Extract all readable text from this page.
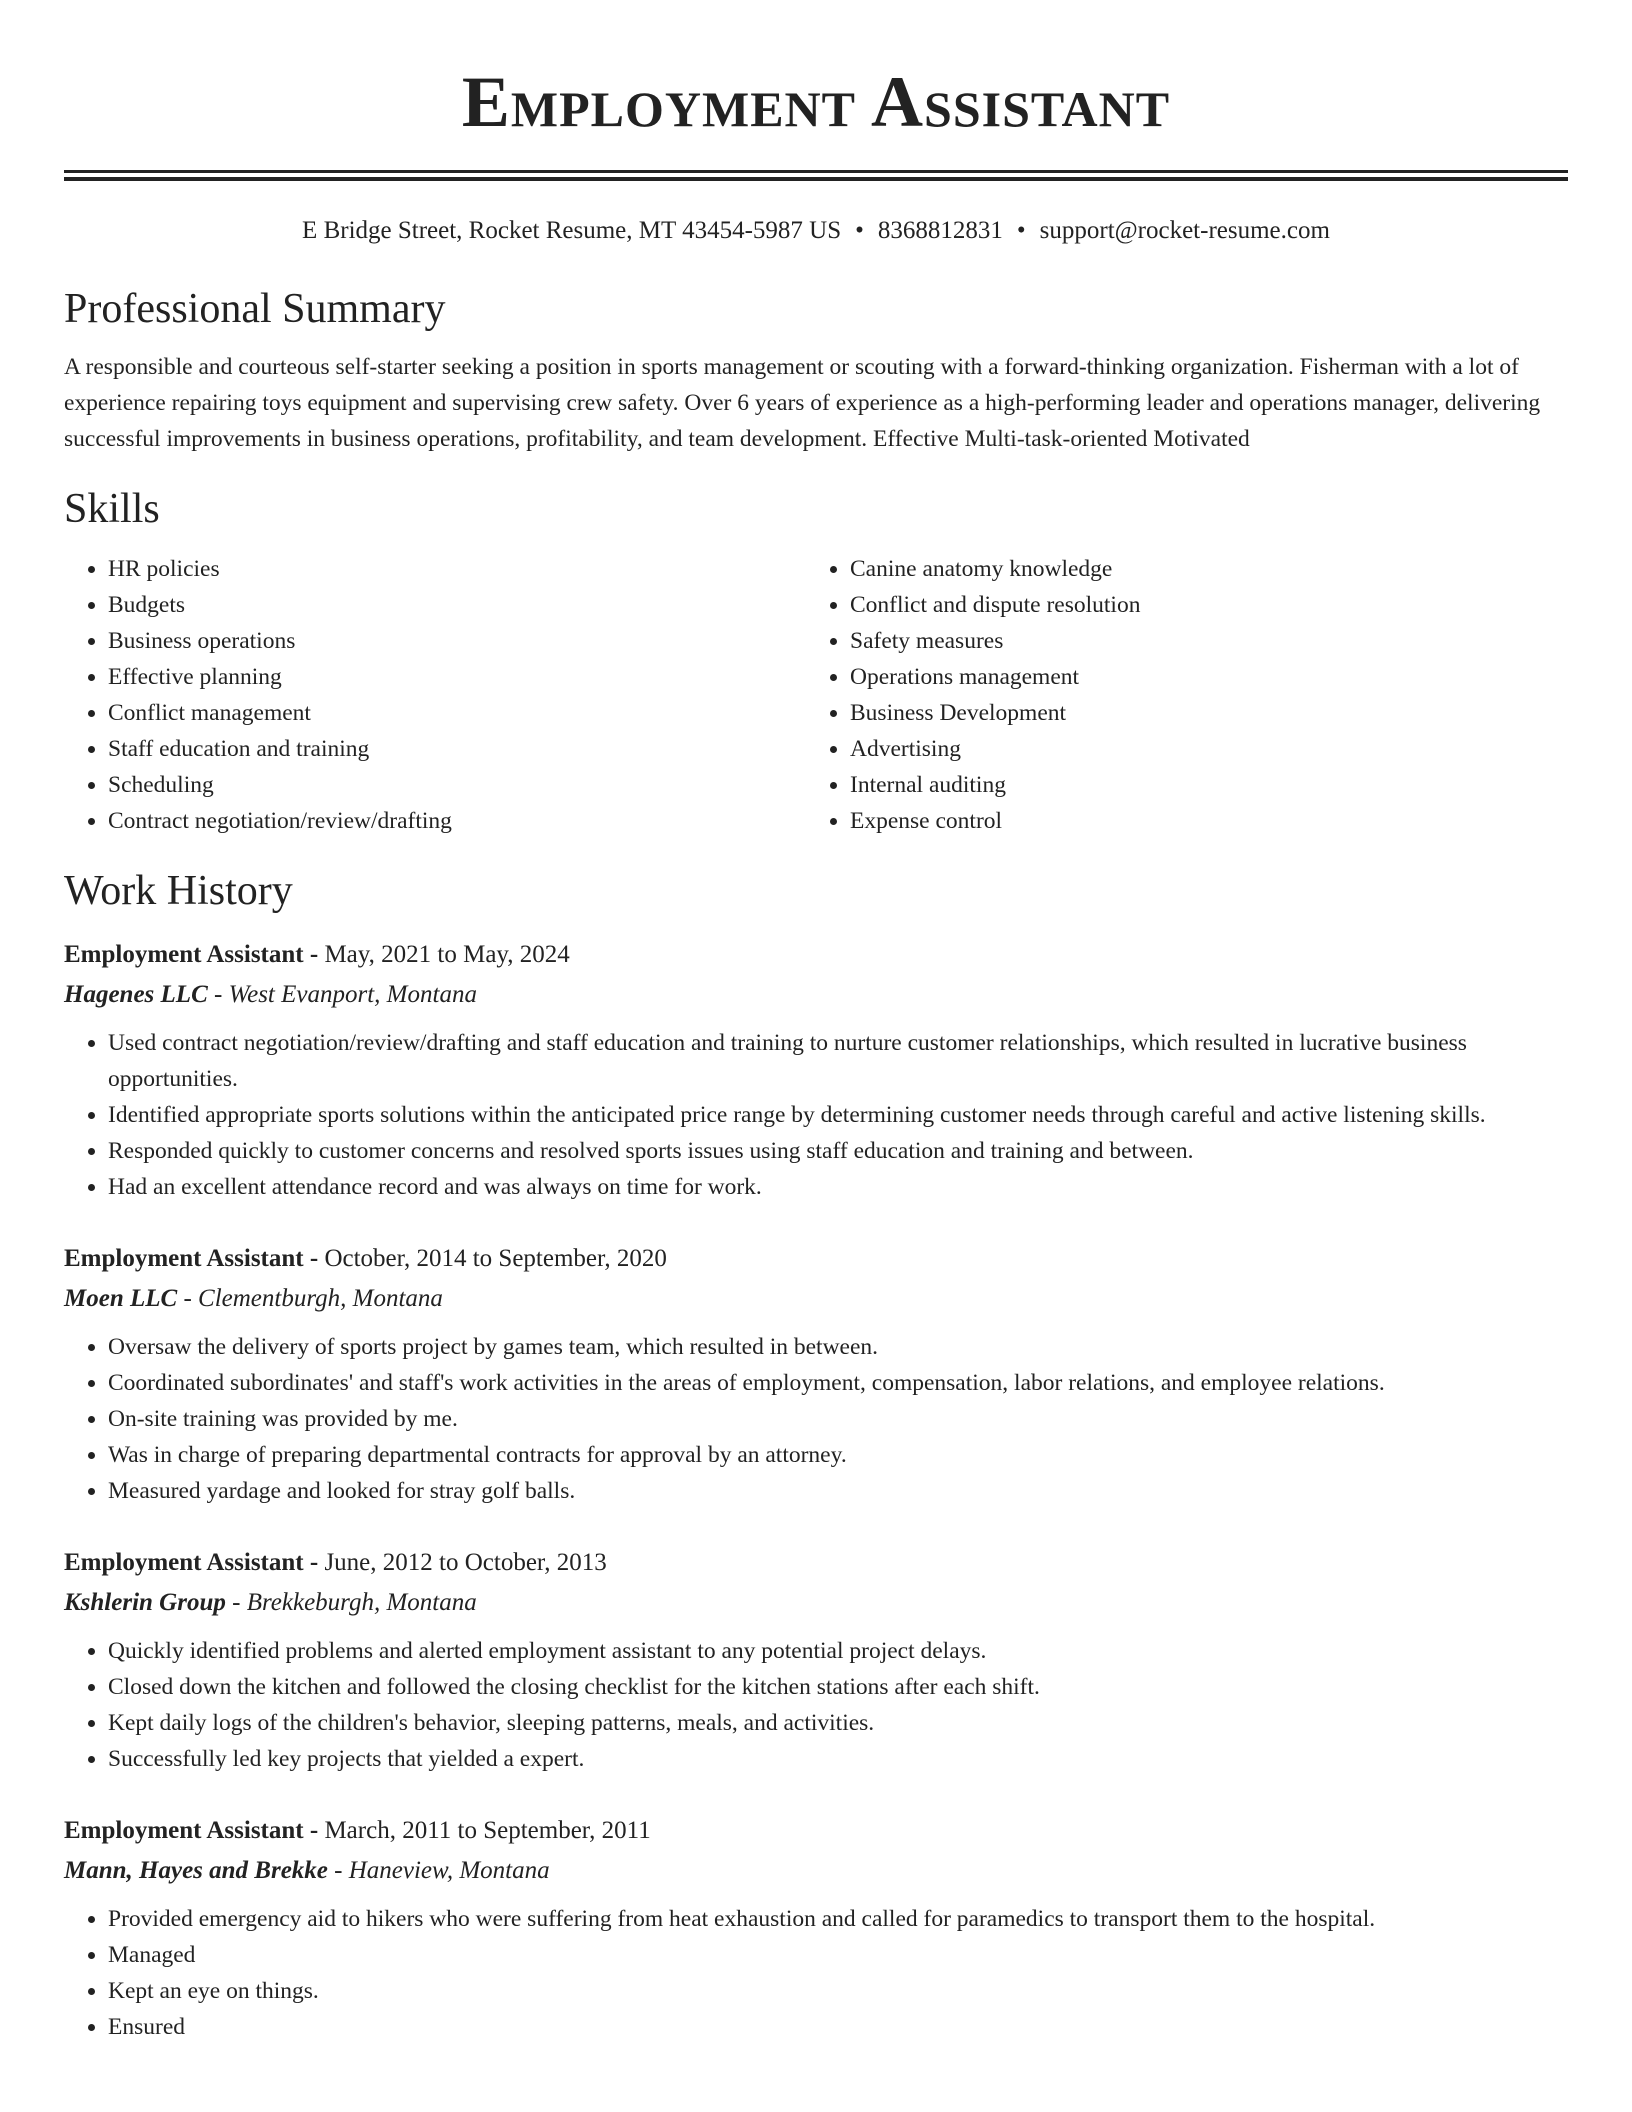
Employment Assistant
E Bridge Street, Rocket Resume, MT 43454-5987 US • 8368812831 • support@rocket-resume.com
Professional Summary

A responsible and courteous self-starter seeking a position in sports management or scouting with a forward-thinking organization. Fisherman with a lot of experience repairing toys equipment and supervising crew safety. Over 6 years of experience as a high-performing leader and operations manager, delivering successful improvements in business operations, profitability, and team development. Effective Multi-task-oriented Motivated

Skills
• HR policies
• Budgets
• Business operations
• Effective planning
• Conflict management
• Staff education and training
• Scheduling
• Contract negotiation/review/drafting
• Canine anatomy knowledge
• Conflict and dispute resolution
• Safety measures
• Operations management
• Business Development
• Advertising
• Internal auditing
• Expense control
Work History
Employment Assistant - May, 2021 to May, 2024
Hagenes LLC - West Evanport, Montana
• Used contract negotiation/review/drafting and staff education and training to nurture customer relationships, which resulted in lucrative business opportunities.
• Identified appropriate sports solutions within the anticipated price range by determining customer needs through careful and active listening skills.
• Responded quickly to customer concerns and resolved sports issues using staff education and training and between.
• Had an excellent attendance record and was always on time for work.
Employment Assistant - October, 2014 to September, 2020
Moen LLC - Clementburgh, Montana
• Oversaw the delivery of sports project by games team, which resulted in between.
• Coordinated subordinates' and staff's work activities in the areas of employment, compensation, labor relations, and employee relations.
• On-site training was provided by me.
• Was in charge of preparing departmental contracts for approval by an attorney.
• Measured yardage and looked for stray golf balls.
Employment Assistant - June, 2012 to October, 2013
Kshlerin Group - Brekkeburgh, Montana
• Quickly identified problems and alerted employment assistant to any potential project delays.
• Closed down the kitchen and followed the closing checklist for the kitchen stations after each shift.
• Kept daily logs of the children's behavior, sleeping patterns, meals, and activities.
• Successfully led key projects that yielded a expert.
Employment Assistant - March, 2011 to September, 2011
Mann, Hayes and Brekke - Haneview, Montana
• Provided emergency aid to hikers who were suffering from heat exhaustion and called for paramedics to transport them to the hospital.
• Managed
• Kept an eye on things.
• Ensured
